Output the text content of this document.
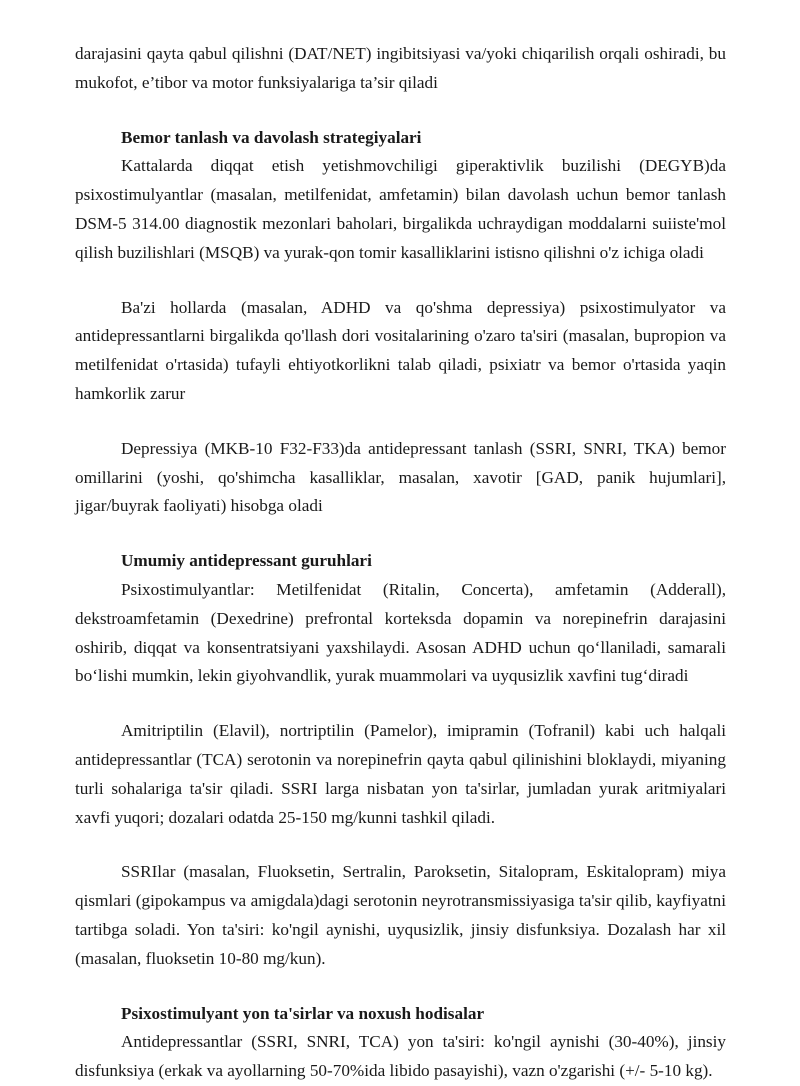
darajasini qayta qabul qilishni (DAT/NET) ingibitsiyasi va/yoki chiqarilish orqali oshiradi, bu mukofot, e’tibor va motor funksiyalariga ta’sir qiladi

Bemor tanlash va davolash strategiyalari

Kattalarda diqqat etish yetishmovchiligi giperaktivlik buzilishi (DEGYB)da psixostimulyantlar (masalan, metilfenidat, amfetamin) bilan davolash uchun bemor tanlash DSM-5 314.00 diagnostik mezonlari baholari, birgalikda uchraydigan moddalarni suiiste'mol qilish buzilishlari (MSQB) va yurak-qon tomir kasalliklarini istisno qilishni o'z ichiga oladi

Ba'zi hollarda (masalan, ADHD va qo'shma depressiya) psixostimulyator va antidepressantlarni birgalikda qo'llash dori vositalarining o'zaro ta'siri (masalan, bupropion va metilfenidat o'rtasida) tufayli ehtiyotkorlikni talab qiladi, psixiatr va bemor o'rtasida yaqin hamkorlik zarur

Depressiya (MKB-10 F32-F33)da antidepressant tanlash (SSRI, SNRI, TKA) bemor omillarini (yoshi, qo'shimcha kasalliklar, masalan, xavotir [GAD, panik hujumlari], jigar/buyrak faoliyati) hisobga oladi

Umumiy antidepressant guruhlari

Psixostimulyantlar: Metilfenidat (Ritalin, Concerta), amfetamin (Adderall), dekstroamfetamin (Dexedrine) prefrontal korteksda dopamin va norepinefrin darajasini oshirib, diqqat va konsentratsiyani yaxshilaydi. Asosan ADHD uchun qo‘llaniladi, samarali bo‘lishi mumkin, lekin giyohvandlik, yurak muammolari va uyqusizlik xavfini tug‘diradi

Amitriptilin (Elavil), nortriptilin (Pamelor), imipramin (Tofranil) kabi uch halqali antidepressantlar (TCA) serotonin va norepinefrin qayta qabul qilinishini bloklaydi, miyaning turli sohalariga ta'sir qiladi. SSRI larga nisbatan yon ta'sirlar, jumladan yurak aritmiyalari xavfi yuqori; dozalari odatda 25-150 mg/kunni tashkil qiladi.

SSRIlar (masalan, Fluoksetin, Sertralin, Paroksetin, Sitalopram, Eskitalopram) miya qismlari (gipokampus va amigdala)dagi serotonin neyrotransmissiyasiga ta'sir qilib, kayfiyatni tartibga soladi. Yon ta'siri: ko'ngil aynishi, uyqusizlik, jinsiy disfunksiya. Dozalash har xil (masalan, fluoksetin 10-80 mg/kun).

Psixostimulyant yon ta'sirlar va noxush hodisalar

Antidepressantlar (SSRI, SNRI, TCA) yon ta'siri: ko'ngil aynishi (30-40%), jinsiy disfunksiya (erkak va ayollarning 50-70%ida libido pasayishi), vazn o'zgarishi (+/- 5-10 kg).
